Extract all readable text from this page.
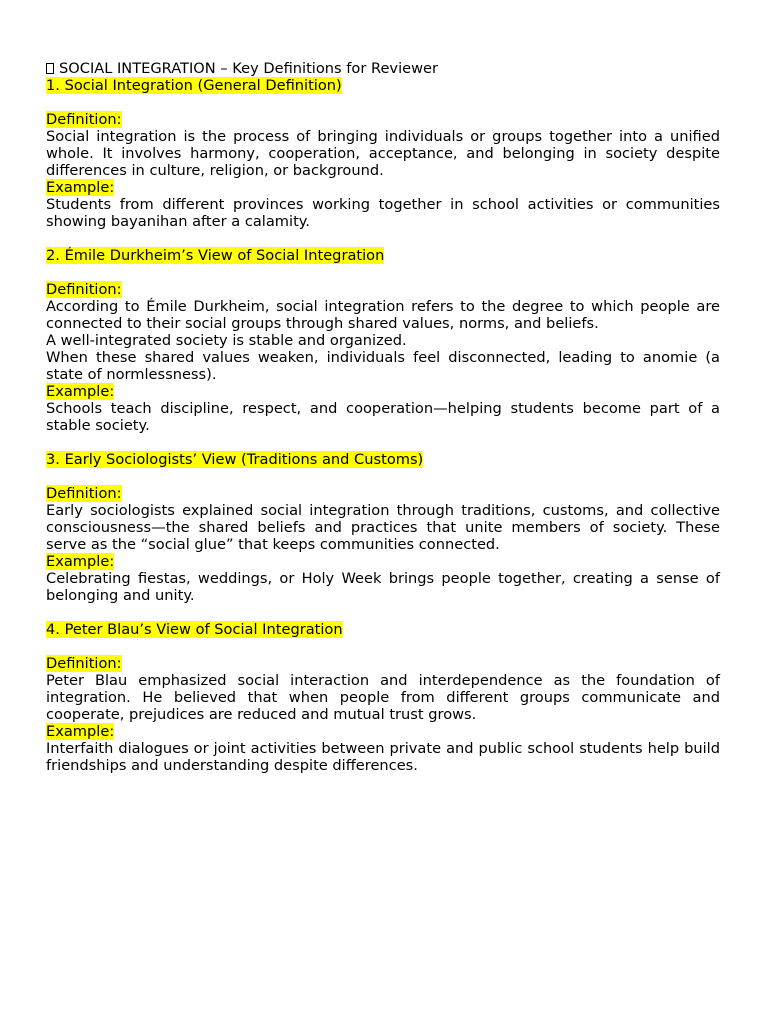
SOCIAL INTEGRATION – Key Definitions for Reviewer
1. Social Integration (General Definition)
Definition:
Social integration is the process of bringing individuals or groups together into a unified whole. It involves harmony, cooperation, acceptance, and belonging in society despite differences in culture, religion, or background.
Example:
Students from different provinces working together in school activities or communities showing bayanihan after a calamity.
2. Émile Durkheim’s View of Social Integration
Definition:
According to Émile Durkheim, social integration refers to the degree to which people are connected to their social groups through shared values, norms, and beliefs.
A well-integrated society is stable and organized.
When these shared values weaken, individuals feel disconnected, leading to anomie (a state of normlessness).
Example:
Schools teach discipline, respect, and cooperation—helping students become part of a stable society.
3. Early Sociologists’ View (Traditions and Customs)
Definition:
Early sociologists explained social integration through traditions, customs, and collective consciousness—the shared beliefs and practices that unite members of society. These serve as the “social glue” that keeps communities connected.
Example:
Celebrating fiestas, weddings, or Holy Week brings people together, creating a sense of belonging and unity.
4. Peter Blau’s View of Social Integration
Definition:
Peter Blau emphasized social interaction and interdependence as the foundation of integration. He believed that when people from different groups communicate and cooperate, prejudices are reduced and mutual trust grows.
Example:
Interfaith dialogues or joint activities between private and public school students help build friendships and understanding despite differences.
